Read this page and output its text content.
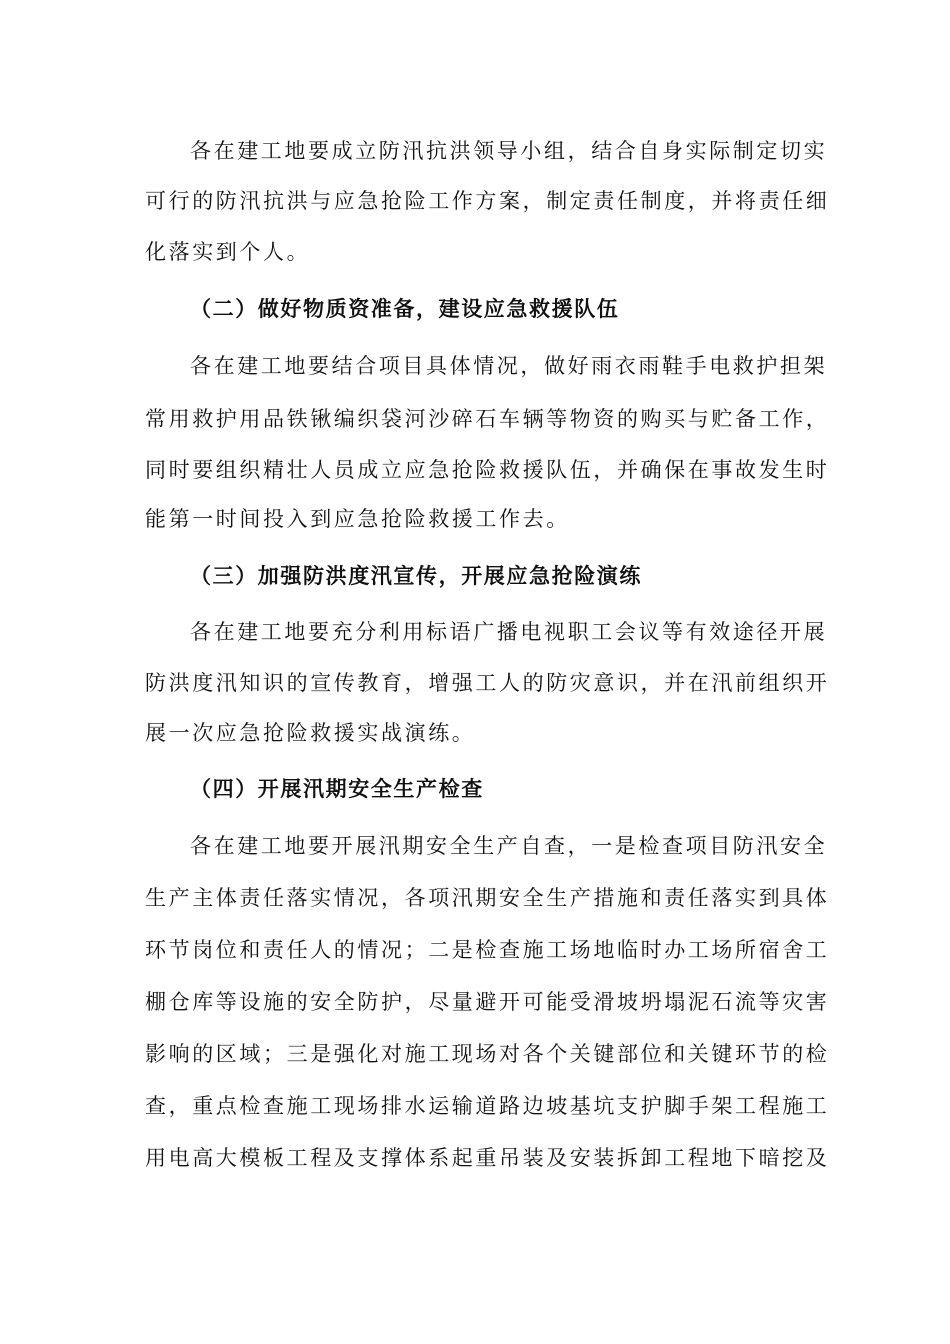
各在建工地要成立防汛抗洪领导小组，结合自身实际制定切实
可行的防汛抗洪与应急抢险工作方案，制定责任制度，并将责任细
化落实到个人。
（二）做好物质资准备，建设应急救援队伍
各在建工地要结合项目具体情况，做好雨衣雨鞋手电救护担架
常用救护用品铁锹编织袋河沙碎石车辆等物资的购买与贮备工作，
同时要组织精壮人员成立应急抢险救援队伍，并确保在事故发生时
能第一时间投入到应急抢险救援工作去。
（三）加强防洪度汛宣传，开展应急抢险演练
各在建工地要充分利用标语广播电视职工会议等有效途径开展
防洪度汛知识的宣传教育，增强工人的防灾意识，并在汛前组织开
展一次应急抢险救援实战演练。
（四）开展汛期安全生产检查
各在建工地要开展汛期安全生产自查，一是检查项目防汛安全
生产主体责任落实情况，各项汛期安全生产措施和责任落实到具体
环节岗位和责任人的情况；二是检查施工场地临时办工场所宿舍工
棚仓库等设施的安全防护，尽量避开可能受滑坡坍塌泥石流等灾害
影响的区域；三是强化对施工现场对各个关键部位和关键环节的检
查，重点检查施工现场排水运输道路边坡基坑支护脚手架工程施工
用电高大模板工程及支撑体系起重吊装及安装拆卸工程地下暗挖及
